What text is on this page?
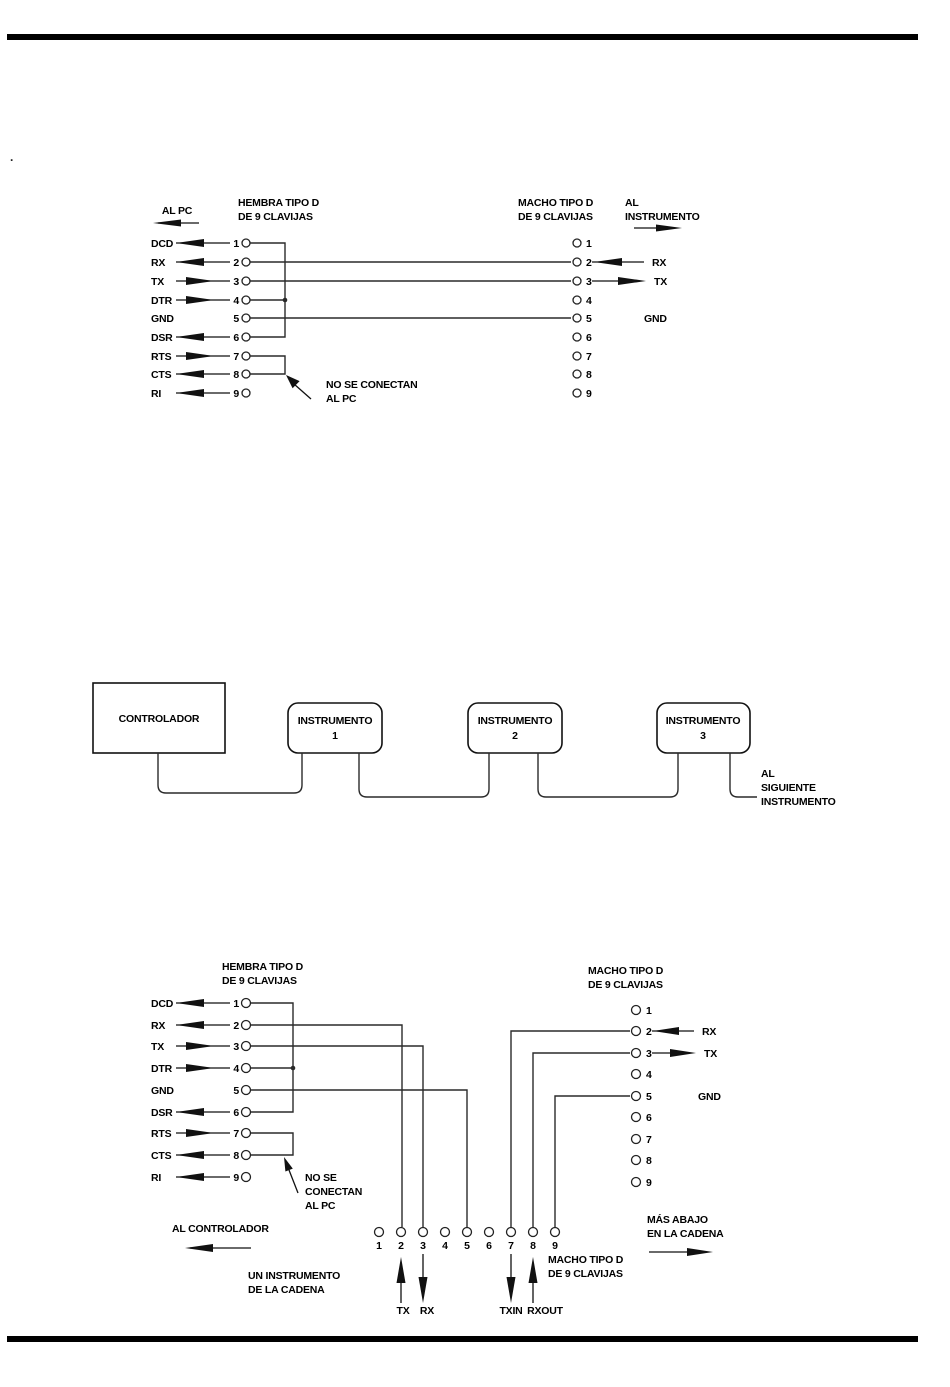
.
AL PC
HEMBRA TIPO D
DE 9 CLAVIJAS
MACHO TIPO D
DE 9 CLAVIJAS
AL
INSTRUMENTO
DCD	1
RX	2
TX	3
DTR	4
GND	5
DSR	6
RTS	7
CTS	8
RI	9
NO SE CONECTAN
AL PC
1
2
3
4
5
6
7
8
9
RX
TX
GND
CONTROLADOR	INSTRUMENTO
1
INSTRUMENTO
2
INSTRUMENTO
3
AL
SIGUIENTE
INSTRUMENTO
HEMBRA TIPO D
DE 9 CLAVIJAS
MACHO TIPO D
DE 9 CLAVIJAS
DCD	1
RX	2
TX	3
DTR	4
GND	5
DSR	6
RTS	7
CTS	8
RI	9	NO SE
CONECTAN
AL PC
1
2
3
4
5
6
7
8
9
RX
TX
GND
1 2 3 4 5 6 7 8 9
TX RX	TXIN RXOUT
MACHO TIPO D
DE 9 CLAVIJAS
AL CONTROLADOR
UN INSTRUMENTO
DE LA CADENA
MÁS ABAJO
EN LA CADENA
